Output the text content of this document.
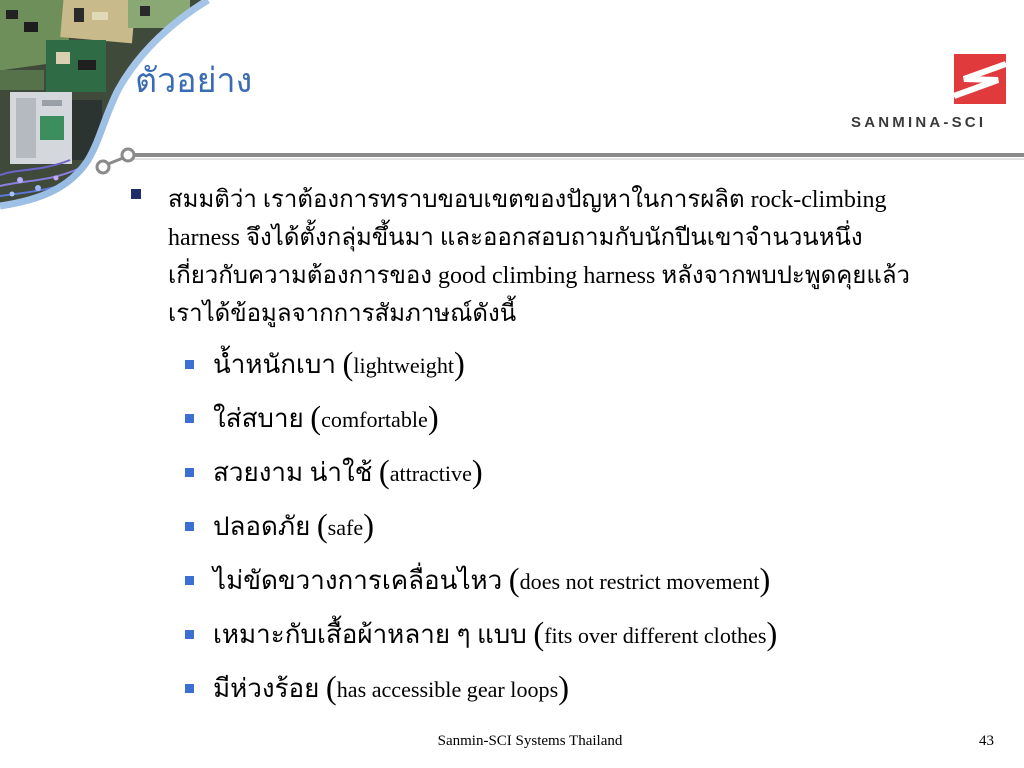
ตัวอย่าง
SANMINA-SCI
สมมติว่า เราต้องการทราบขอบเขตของปัญหาในการผลิต rock-climbing
harness จึงได้ตั้งกลุ่มขึ้นมา และออกสอบถามกับนักปีนเขาจำนวนหนึ่ง
เกี่ยวกับความต้องการของ good climbing harness หลังจากพบปะพูดคุยแล้ว
เราได้ข้อมูลจากการสัมภาษณ์ดังนี้
น้ำหนักเบา (lightweight)
ใส่สบาย (comfortable)
สวยงาม น่าใช้ (attractive)
ปลอดภัย (safe)
ไม่ขัดขวางการเคลื่อนไหว (does not restrict movement)
เหมาะกับเสื้อผ้าหลาย ๆ แบบ (fits over different clothes)
มีห่วงร้อย (has accessible gear loops)
Sanmin-SCI Systems Thailand	43
